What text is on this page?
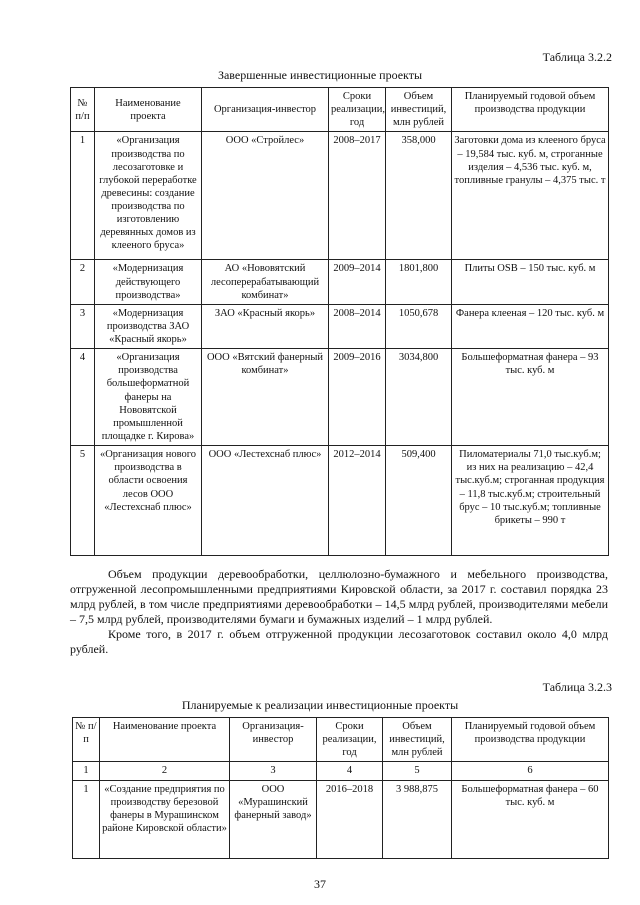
Таблица 3.2.2
Завершенные инвестиционные проекты
№ п/п	Наименование проекта	Организация-инвестор	Сроки реализации, год	Объем инвестиций, млн рублей	Планируемый годовой объем производства продукции
1	«Организация производства по лесозаготовке и глубокой переработке древесины: создание производства по изготовлению деревянных домов из клееного бруса»	ООО «Стройлес»	2008–2017	358,000	Заготовки дома из клееного бруса – 19,584 тыс. куб. м, строганные изделия – 4,536 тыс. куб. м, топливные гранулы – 4,375 тыс. т
2	«Модернизация действующего производства»	АО «Нововятский лесоперерабатывающий комбинат»	2009–2014	1801,800	Плиты OSB – 150 тыс. куб. м
3	«Модернизация производства ЗАО «Красный якорь»	ЗАО «Красный якорь»	2008–2014	1050,678	Фанера клееная – 120 тыс. куб. м
4	«Организация производства большеформатной фанеры на Нововятской промышленной площадке г. Кирова»	ООО «Вятский фанерный комбинат»	2009–2016	3034,800	Большеформатная фанера – 93 тыс. куб. м
5	«Организация нового производства в области освоения лесов ООО «Лестехснаб плюс»	ООО «Лестехснаб плюс»	2012–2014	509,400	Пиломатериалы 71,0 тыс.куб.м; из них на реализацию – 42,4 тыс.куб.м; строганная продукция – 11,8 тыс.куб.м; строительный брус – 10 тыс.куб.м; топливные брикеты – 990 т
Объем продукции деревообработки, целлюлозно-бумажного и мебельного производства, отгруженной лесопромышленными предприятиями Кировской области, за 2017 г. составил порядка 23 млрд рублей, в том числе предприятиями деревообработки – 14,5 млрд рублей, производителями мебели – 7,5 млрд рублей, производителями бумаги и бумажных изделий – 1 млрд рублей.
Кроме того, в 2017 г. объем отгруженной продукции лесозаготовок составил около 4,0 млрд рублей.
Таблица 3.2.3
Планируемые к реализации инвестиционные проекты
№ п/п	Наименование проекта	Организация-инвестор	Сроки реализации, год	Объем инвестиций, млн рублей	Планируемый годовой объем производства продукции
1	2	3	4	5	6
1	«Создание предприятия по производству березовой фанеры в Мурашинском районе Кировской области»	ООО «Мурашинский фанерный завод»	2016–2018	3 988,875	Большеформатная фанера – 60 тыс. куб. м
37
